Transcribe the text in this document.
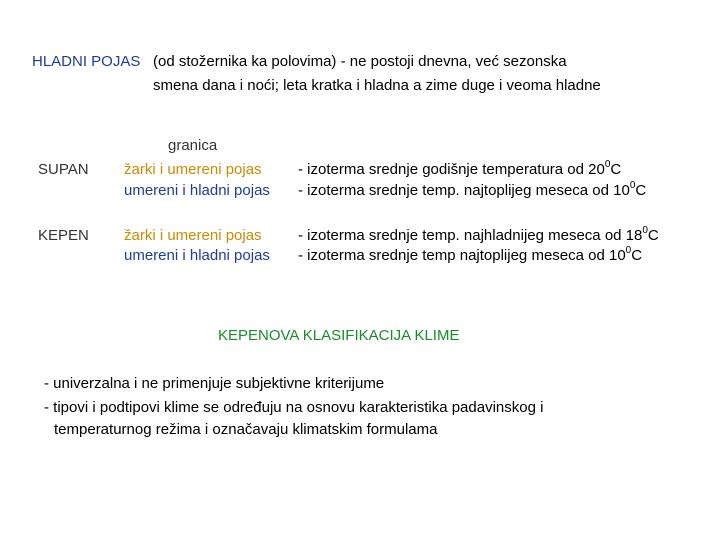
HLADNI POJAS (od stožernika ka polovima) - ne postoji dnevna, već sezonska
smena dana i noći; leta kratka i hladna a zime duge i veoma hladne
granica
SUPAN žarki i umereni pojas - izoterma srednje godišnje temperatura od $20^0C$
umereni i hladni pojas - izoterma srednje temp. najtoplijeg meseca od $10^0C$
KEPEN žarki i umereni pojas - izoterma srednje temp. najhladnijeg meseca od $18^0C$
umereni i hladni pojas - izoterma srednje temp najtoplijeg meseca od $10^0C$
KEPENOVA KLASIFIKACIJA KLIME
- univerzalna i ne primenjuje subjektivne kriterijume
- tipovi i podtipovi klime se određuju na osnovu karakteristika padavinskog i
temperaturnog režima i označavaju klimatskim formulama
